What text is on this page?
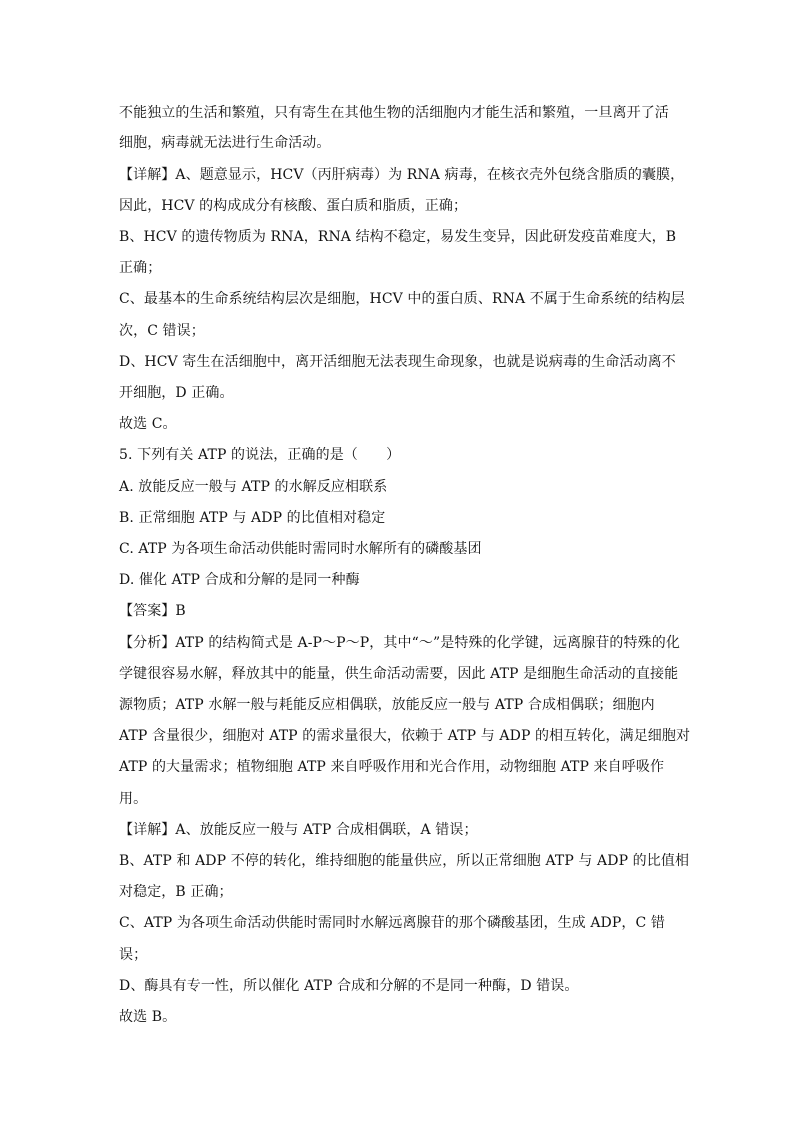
不能独立的生活和繁殖，只有寄生在其他生物的活细胞内才能生活和繁殖，一旦离开了活
细胞，病毒就无法进行生命活动。
【详解】A、题意显示，HCV（丙肝病毒）为 RNA 病毒，在核衣壳外包绕含脂质的囊膜，
因此，HCV 的构成成分有核酸、蛋白质和脂质，正确；
B、HCV 的遗传物质为 RNA，RNA 结构不稳定，易发生变异，因此研发疫苗难度大，B
正确；
C、最基本的生命系统结构层次是细胞，HCV 中的蛋白质、RNA 不属于生命系统的结构层
次，C 错误；
D、HCV 寄生在活细胞中，离开活细胞无法表现生命现象，也就是说病毒的生命活动离不
开细胞，D 正确。
故选 C。
5. 下列有关 ATP 的说法，正确的是（　　）
A. 放能反应一般与 ATP 的水解反应相联系
B. 正常细胞 ATP 与 ADP 的比值相对稳定
C. ATP 为各项生命活动供能时需同时水解所有的磷酸基团
D. 催化 ATP 合成和分解的是同一种酶
【答案】B
【分析】ATP 的结构简式是 A-P～P～P，其中“～”是特殊的化学键，远离腺苷的特殊的化
学键很容易水解，释放其中的能量，供生命活动需要，因此 ATP 是细胞生命活动的直接能
源物质；ATP 水解一般与耗能反应相偶联，放能反应一般与 ATP 合成相偶联；细胞内
ATP 含量很少，细胞对 ATP 的需求量很大，依赖于 ATP 与 ADP 的相互转化，满足细胞对
ATP 的大量需求；植物细胞 ATP 来自呼吸作用和光合作用，动物细胞 ATP 来自呼吸作
用。
【详解】A、放能反应一般与 ATP 合成相偶联，A 错误；
B、ATP 和 ADP 不停的转化，维持细胞的能量供应，所以正常细胞 ATP 与 ADP 的比值相
对稳定，B 正确；
C、ATP 为各项生命活动供能时需同时水解远离腺苷的那个磷酸基团，生成 ADP，C 错
误；
D、酶具有专一性，所以催化 ATP 合成和分解的不是同一种酶，D 错误。
故选 B。
